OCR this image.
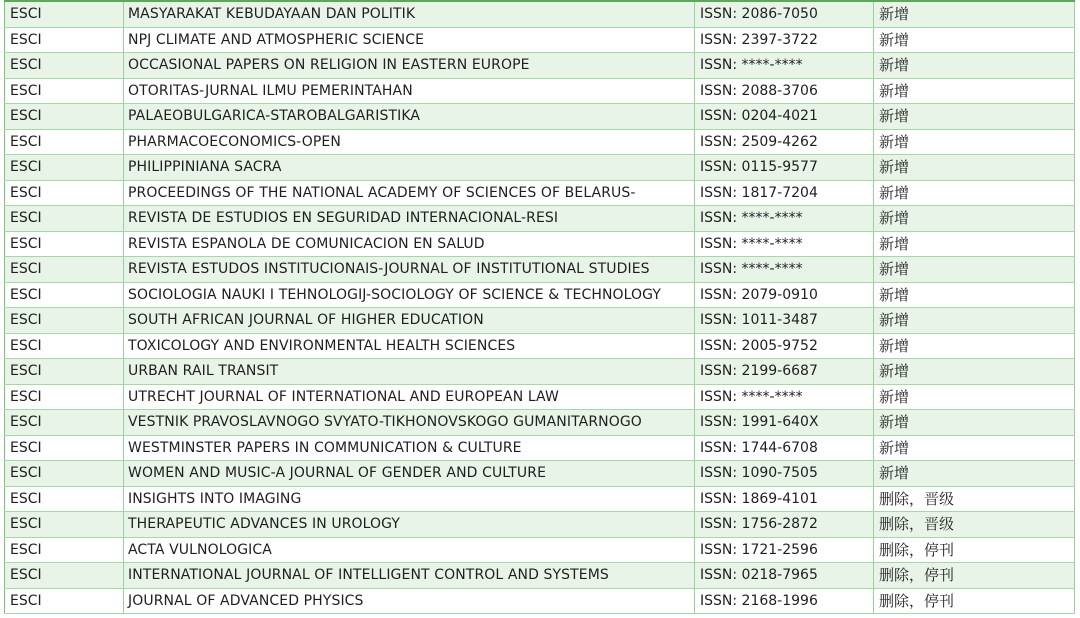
ESCI	MASYARAKAT KEBUDAYAAN DAN POLITIK	ISSN: 2086-7050	新增
ESCI	NPJ CLIMATE AND ATMOSPHERIC SCIENCE	ISSN: 2397-3722	新增
ESCI	OCCASIONAL PAPERS ON RELIGION IN EASTERN EUROPE	ISSN: ****-****	新增
ESCI	OTORITAS-JURNAL ILMU PEMERINTAHAN	ISSN: 2088-3706	新增
ESCI	PALAEOBULGARICA-STAROBALGARISTIKA	ISSN: 0204-4021	新增
ESCI	PHARMACOECONOMICS-OPEN	ISSN: 2509-4262	新增
ESCI	PHILIPPINIANA SACRA	ISSN: 0115-9577	新增
ESCI	PROCEEDINGS OF THE NATIONAL ACADEMY OF SCIENCES OF BELARUS-	ISSN: 1817-7204	新增
ESCI	REVISTA DE ESTUDIOS EN SEGURIDAD INTERNACIONAL-RESI	ISSN: ****-****	新增
ESCI	REVISTA ESPANOLA DE COMUNICACION EN SALUD	ISSN: ****-****	新增
ESCI	REVISTA ESTUDOS INSTITUCIONAIS-JOURNAL OF INSTITUTIONAL STUDIES	ISSN: ****-****	新增
ESCI	SOCIOLOGIA NAUKI I TEHNOLOGIJ-SOCIOLOGY OF SCIENCE & TECHNOLOGY	ISSN: 2079-0910	新增
ESCI	SOUTH AFRICAN JOURNAL OF HIGHER EDUCATION	ISSN: 1011-3487	新增
ESCI	TOXICOLOGY AND ENVIRONMENTAL HEALTH SCIENCES	ISSN: 2005-9752	新增
ESCI	URBAN RAIL TRANSIT	ISSN: 2199-6687	新增
ESCI	UTRECHT JOURNAL OF INTERNATIONAL AND EUROPEAN LAW	ISSN: ****-****	新增
ESCI	VESTNIK PRAVOSLAVNOGO SVYATO-TIKHONOVSKOGO GUMANITARNOGO	ISSN: 1991-640X	新增
ESCI	WESTMINSTER PAPERS IN COMMUNICATION & CULTURE	ISSN: 1744-6708	新增
ESCI	WOMEN AND MUSIC-A JOURNAL OF GENDER AND CULTURE	ISSN: 1090-7505	新增
ESCI	INSIGHTS INTO IMAGING	ISSN: 1869-4101	删除，晋级
ESCI	THERAPEUTIC ADVANCES IN UROLOGY	ISSN: 1756-2872	删除，晋级
ESCI	ACTA VULNOLOGICA	ISSN: 1721-2596	删除，停刊
ESCI	INTERNATIONAL JOURNAL OF INTELLIGENT CONTROL AND SYSTEMS	ISSN: 0218-7965	删除，停刊
ESCI	JOURNAL OF ADVANCED PHYSICS	ISSN: 2168-1996	删除，停刊
